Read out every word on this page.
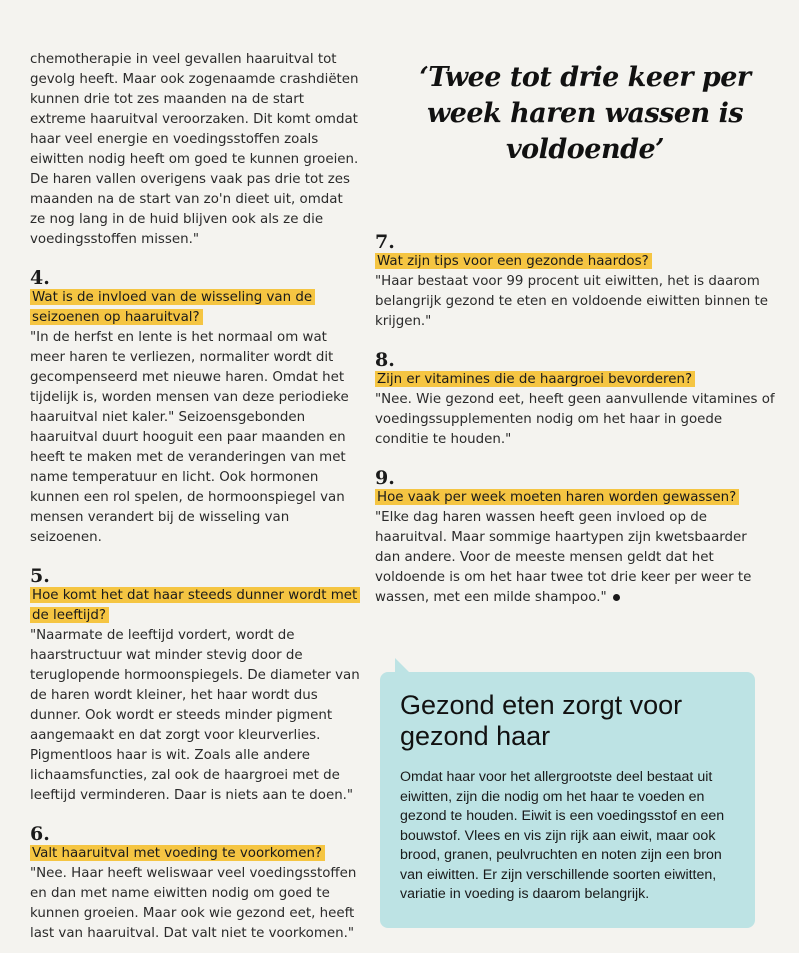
chemotherapie in veel gevallen haaruitval tot gevolg heeft. Maar ook zogenaamde crashdiëten kunnen drie tot zes maanden na de start extreme haaruitval veroorzaken. Dit komt omdat haar veel energie en voedingsstoffen zoals eiwitten nodig heeft om goed te kunnen groeien. De haren vallen overigens vaak pas drie tot zes maanden na de start van zo'n dieet uit, omdat ze nog lang in de huid blijven ook als ze die voedingsstoffen missen."

4.

Wat is de invloed van de wisseling van de seizoenen op haaruitval?

"In de herfst en lente is het normaal om wat meer haren te verliezen, normaliter wordt dit gecompenseerd met nieuwe haren. Omdat het tijdelijk is, worden mensen van deze periodieke haaruitval niet kaler." Seizoensgebonden haaruitval duurt hooguit een paar maanden en heeft te maken met de veranderingen van met name temperatuur en licht. Ook hormonen kunnen een rol spelen, de hormoonspiegel van mensen verandert bij de wisseling van seizoenen.

5.

Hoe komt het dat haar steeds dunner wordt met de leeftijd?

"Naarmate de leeftijd vordert, wordt de haarstructuur wat minder stevig door de teruglopende hormoonspiegels. De diameter van de haren wordt kleiner, het haar wordt dus dunner. Ook wordt er steeds minder pigment aangemaakt en dat zorgt voor kleurverlies. Pigmentloos haar is wit. Zoals alle andere lichaamsfuncties, zal ook de haargroei met de leeftijd verminderen. Daar is niets aan te doen."

6.

Valt haaruitval met voeding te voorkomen?

"Nee. Haar heeft weliswaar veel voedingsstoffen en dan met name eiwitten nodig om goed te kunnen groeien. Maar ook wie gezond eet, heeft last van haaruitval. Dat valt niet te voorkomen."

‘Twee tot drie keer per week haren wassen is voldoende’

7.

Wat zijn tips voor een gezonde haardos?

"Haar bestaat voor 99 procent uit eiwitten, het is daarom belangrijk gezond te eten en voldoende eiwitten binnen te krijgen."

8.

Zijn er vitamines die de haargroei bevorderen?

"Nee. Wie gezond eet, heeft geen aanvullende vitamines of voedingssupplementen nodig om het haar in goede conditie te houden."

9.

Hoe vaak per week moeten haren worden gewassen?

"Elke dag haren wassen heeft geen invloed op de haaruitval. Maar sommige haartypen zijn kwetsbaarder dan andere. Voor de meeste mensen geldt dat het voldoende is om het haar twee tot drie keer per weer te wassen, met een milde shampoo."

Gezond eten zorgt voor gezond haar

Omdat haar voor het allergrootste deel bestaat uit eiwitten, zijn die nodig om het haar te voeden en gezond te houden. Eiwit is een voedingsstof en een bouwstof. Vlees en vis zijn rijk aan eiwit, maar ook brood, granen, peulvruchten en noten zijn een bron van eiwitten. Er zijn verschillende soorten eiwitten, variatie in voeding is daarom belangrijk.
